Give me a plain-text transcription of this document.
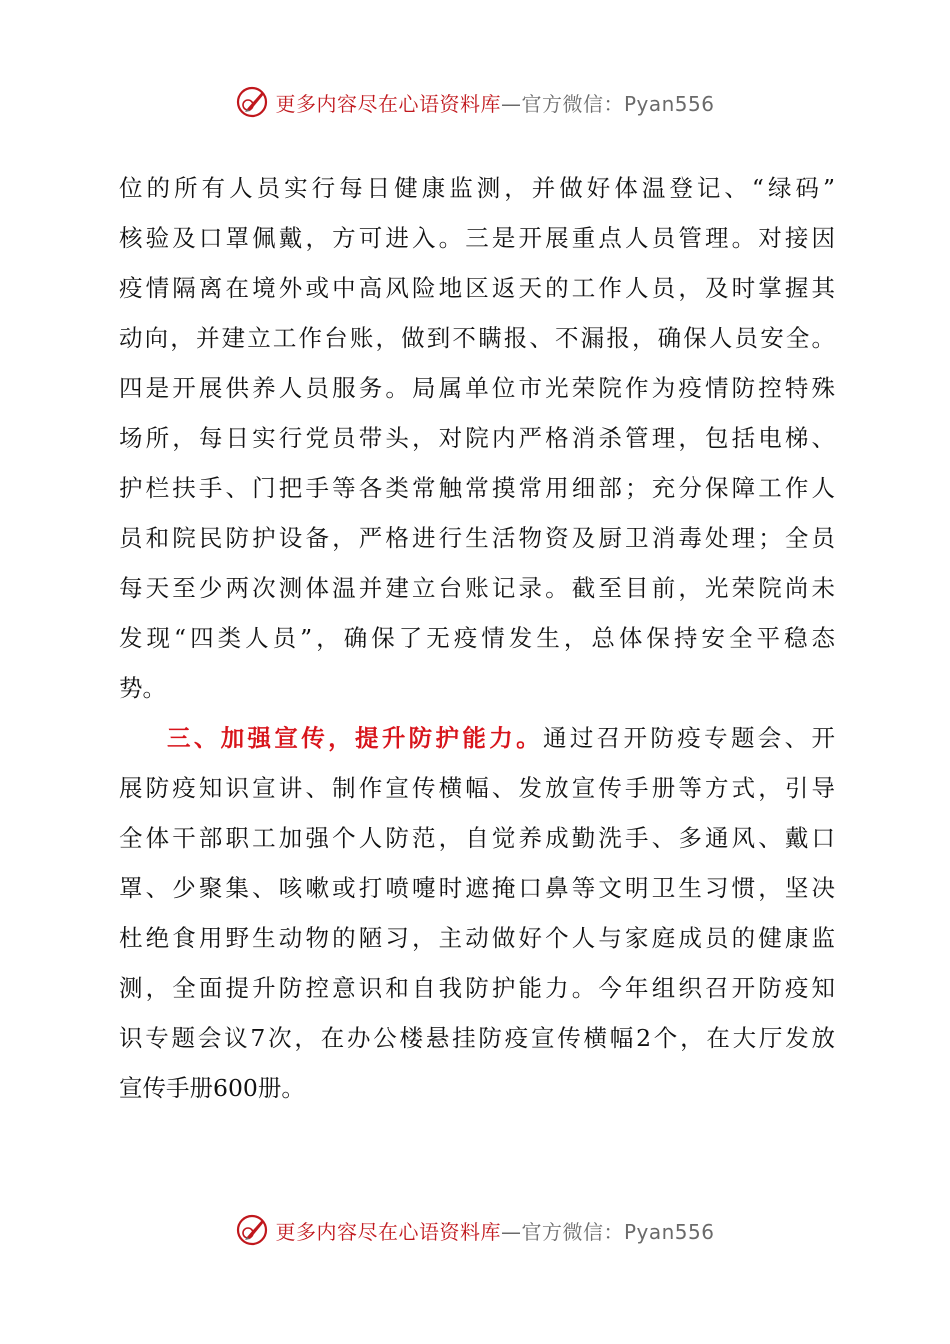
更多内容尽在心语资料库—官方微信：Pyan556
位的所有人员实行每日健康监测，并做好体温登记、“绿码”
核验及口罩佩戴，方可进入。三是开展重点人员管理。对接因
疫情隔离在境外或中高风险地区返天的工作人员，及时掌握其
动向，并建立工作台账，做到不瞒报、不漏报，确保人员安全。
四是开展供养人员服务。局属单位市光荣院作为疫情防控特殊
场所，每日实行党员带头，对院内严格消杀管理，包括电梯、
护栏扶手、门把手等各类常触常摸常用细部；充分保障工作人
员和院民防护设备，严格进行生活物资及厨卫消毒处理；全员
每天至少两次测体温并建立台账记录。截至目前，光荣院尚未
发现“四类人员”，确保了无疫情发生，总体保持安全平稳态
势。
三、加强宣传，提升防护能力。通过召开防疫专题会、开
展防疫知识宣讲、制作宣传横幅、发放宣传手册等方式，引导
全体干部职工加强个人防范，自觉养成勤洗手、多通风、戴口
罩、少聚集、咳嗽或打喷嚏时遮掩口鼻等文明卫生习惯，坚决
杜绝食用野生动物的陋习，主动做好个人与家庭成员的健康监
测，全面提升防控意识和自我防护能力。今年组织召开防疫知
识专题会议7次，在办公楼悬挂防疫宣传横幅2个，在大厅发放
宣传手册600册。
更多内容尽在心语资料库—官方微信：Pyan556
